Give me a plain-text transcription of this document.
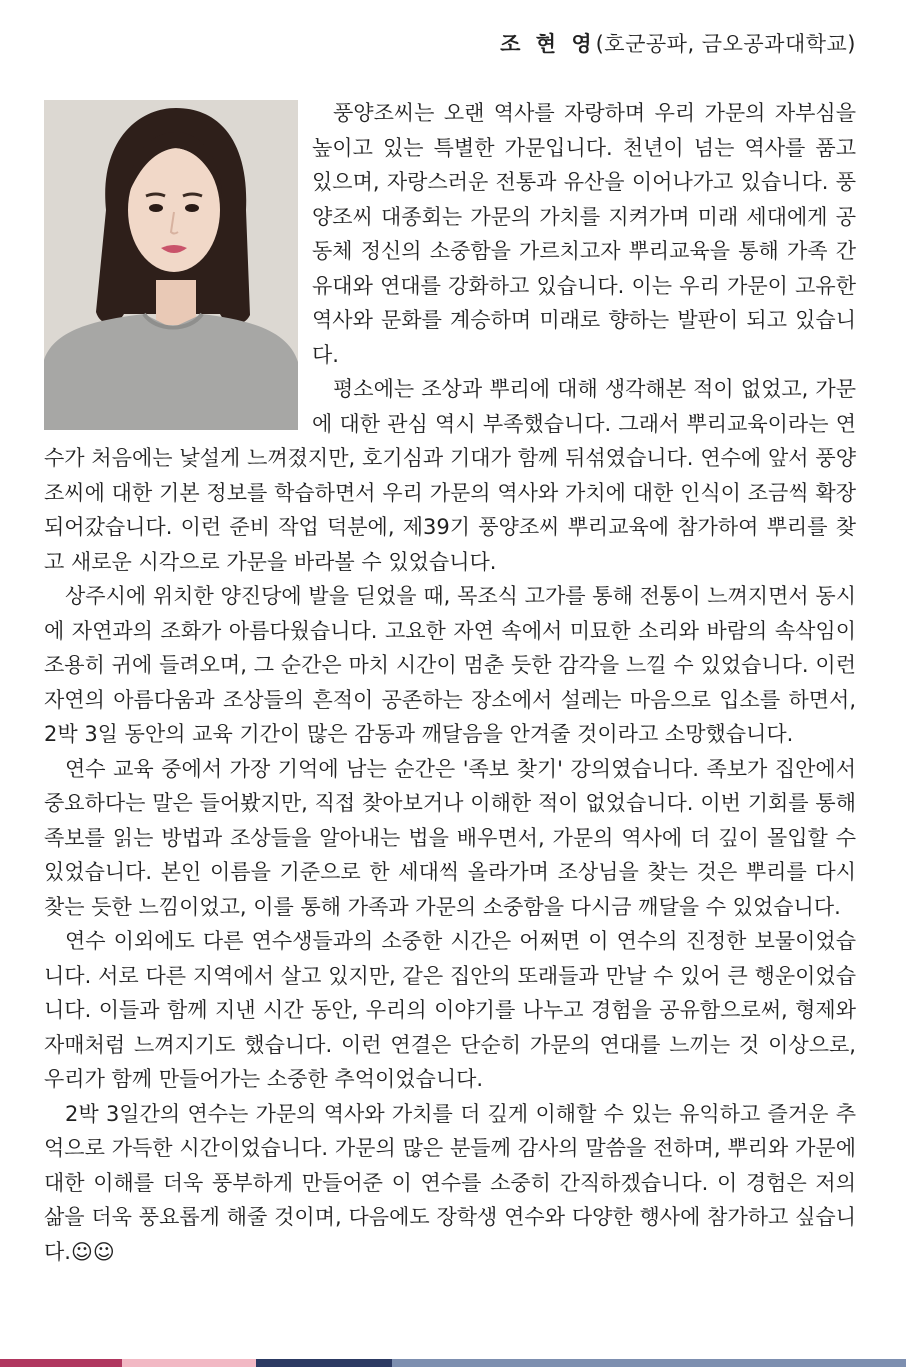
조 현 영(호군공파, 금오공과대학교)

풍양조씨는 오랜 역사를 자랑하며 우리 가문의 자부심을 높이고 있는 특별한 가문입니다. 천년이 넘는 역사를 품고 있으며, 자랑스러운 전통과 유산을 이어나가고 있습니다. 풍양조씨 대종회는 가문의 가치를 지켜가며 미래 세대에게 공동체 정신의 소중함을 가르치고자 뿌리교육을 통해 가족 간 유대와 연대를 강화하고 있습니다. 이는 우리 가문이 고유한 역사와 문화를 계승하며 미래로 향하는 발판이 되고 있습니다.

평소에는 조상과 뿌리에 대해 생각해본 적이 없었고, 가문에 대한 관심 역시 부족했습니다. 그래서 뿌리교육이라는 연수가 처음에는 낯설게 느껴졌지만, 호기심과 기대가 함께 뒤섞였습니다. 연수에 앞서 풍양 조씨에 대한 기본 정보를 학습하면서 우리 가문의 역사와 가치에 대한 인식이 조금씩 확장되어갔습니다. 이런 준비 작업 덕분에, 제39기 풍양조씨 뿌리교육에 참가하여 뿌리를 찾고 새로운 시각으로 가문을 바라볼 수 있었습니다.

상주시에 위치한 양진당에 발을 딛었을 때, 목조식 고가를 통해 전통이 느껴지면서 동시에 자연과의 조화가 아름다웠습니다. 고요한 자연 속에서 미묘한 소리와 바람의 속삭임이 조용히 귀에 들려오며, 그 순간은 마치 시간이 멈춘 듯한 감각을 느낄 수 있었습니다. 이런 자연의 아름다움과 조상들의 흔적이 공존하는 장소에서 설레는 마음으로 입소를 하면서, 2박 3일 동안의 교육 기간이 많은 감동과 깨달음을 안겨줄 것이라고 소망했습니다.

연수 교육 중에서 가장 기억에 남는 순간은 '족보 찾기' 강의였습니다. 족보가 집안에서 중요하다는 말은 들어봤지만, 직접 찾아보거나 이해한 적이 없었습니다. 이번 기회를 통해 족보를 읽는 방법과 조상들을 알아내는 법을 배우면서, 가문의 역사에 더 깊이 몰입할 수 있었습니다. 본인 이름을 기준으로 한 세대씩 올라가며 조상님을 찾는 것은 뿌리를 다시 찾는 듯한 느낌이었고, 이를 통해 가족과 가문의 소중함을 다시금 깨달을 수 있었습니다.

연수 이외에도 다른 연수생들과의 소중한 시간은 어쩌면 이 연수의 진정한 보물이었습니다. 서로 다른 지역에서 살고 있지만, 같은 집안의 또래들과 만날 수 있어 큰 행운이었습니다. 이들과 함께 지낸 시간 동안, 우리의 이야기를 나누고 경험을 공유함으로써, 형제와 자매처럼 느껴지기도 했습니다. 이런 연결은 단순히 가문의 연대를 느끼는 것 이상으로, 우리가 함께 만들어가는 소중한 추억이었습니다.

2박 3일간의 연수는 가문의 역사와 가치를 더 깊게 이해할 수 있는 유익하고 즐거운 추억으로 가득한 시간이었습니다. 가문의 많은 분들께 감사의 말씀을 전하며, 뿌리와 가문에 대한 이해를 더욱 풍부하게 만들어준 이 연수를 소중히 간직하겠습니다. 이 경험은 저의 삶을 더욱 풍요롭게 해줄 것이며, 다음에도 장학생 연수와 다양한 행사에 참가하고 싶습니다.☺☺
